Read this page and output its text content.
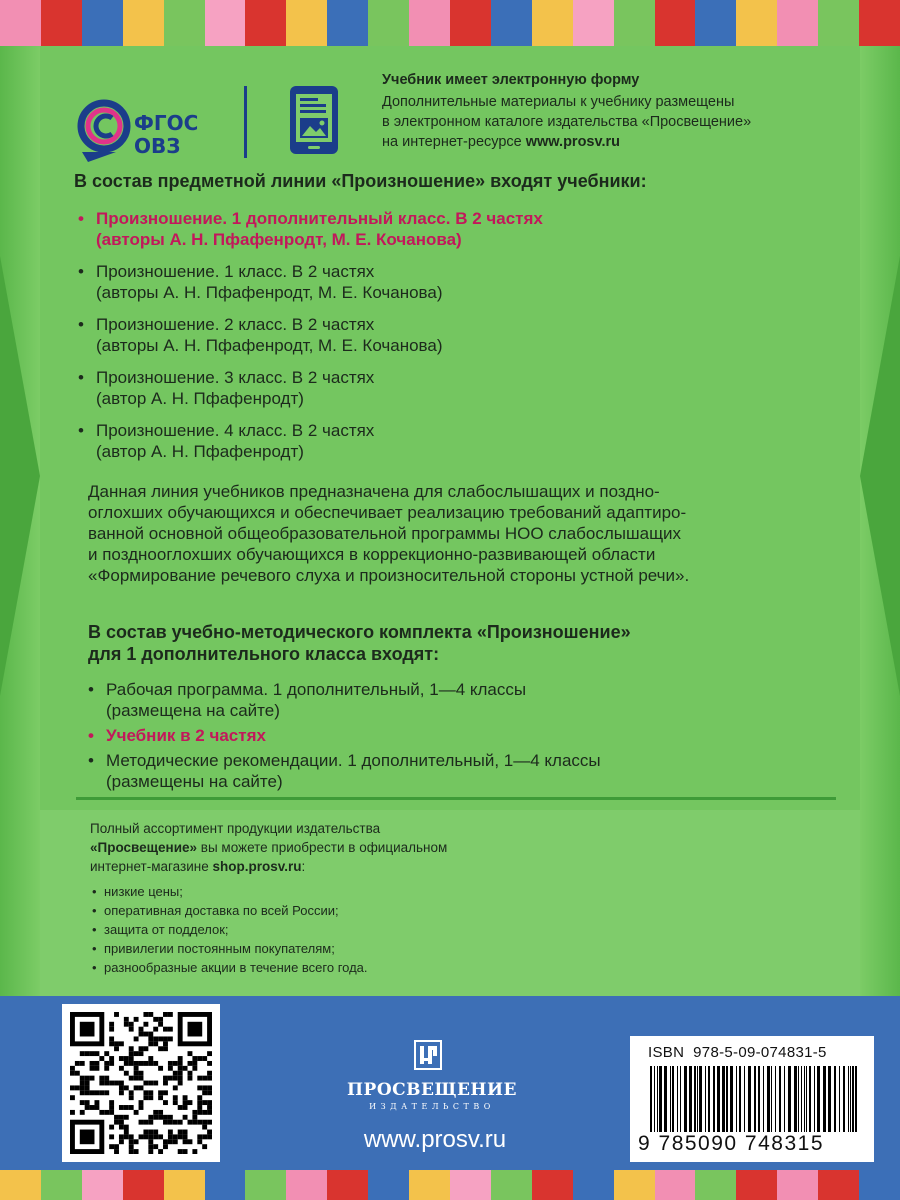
ФГОС
ОВЗ
Учебник имеет электронную форму
Дополнительные материалы к учебнику размещены
в электронном каталоге издательства «Просвещение»
на интернет-ресурсе www.prosv.ru
В состав предметной линии «Произношение» входят учебники:
• Произношение. 1 дополнительный класс. В 2 частях
(авторы А. Н. Пфафенродт, М. Е. Кочанова)
• Произношение. 1 класс. В 2 частях
(авторы А. Н. Пфафенродт, М. Е. Кочанова)
• Произношение. 2 класс. В 2 частях
(авторы А. Н. Пфафенродт, М. Е. Кочанова)
• Произношение. 3 класс. В 2 частях
(автор А. Н. Пфафенродт)
• Произношение. 4 класс. В 2 частях
(автор А. Н. Пфафенродт)
Данная линия учебников предназначена для слабослышащих и поздно-
оглохших обучающихся и обеспечивает реализацию требований адаптиро-
ванной основной общеобразовательной программы НОО слабослышащих
и позднооглохших обучающихся в коррекционно-развивающей области
«Формирование речевого слуха и произносительной стороны устной речи».
В состав учебно-методического комплекта «Произношение»
для 1 дополнительного класса входят:
• Рабочая программа. 1 дополнительный, 1—4 классы
(размещена на сайте)
• Учебник в 2 частях
• Методические рекомендации. 1 дополнительный, 1—4 классы
(размещены на сайте)
Полный ассортимент продукции издательства
«Просвещение» вы можете приобрести в официальном
интернет-магазине shop.prosv.ru:
• низкие цены;
• оперативная доставка по всей России;
• защита от подделок;
• привилегии постоянным покупателям;
• разнообразные акции в течение всего года.
ПРОСВЕЩЕНИЕ
ИЗДАТЕЛЬСТВО
www.prosv.ru
ISBN 978-5-09-074831-5
9 785090 748315
